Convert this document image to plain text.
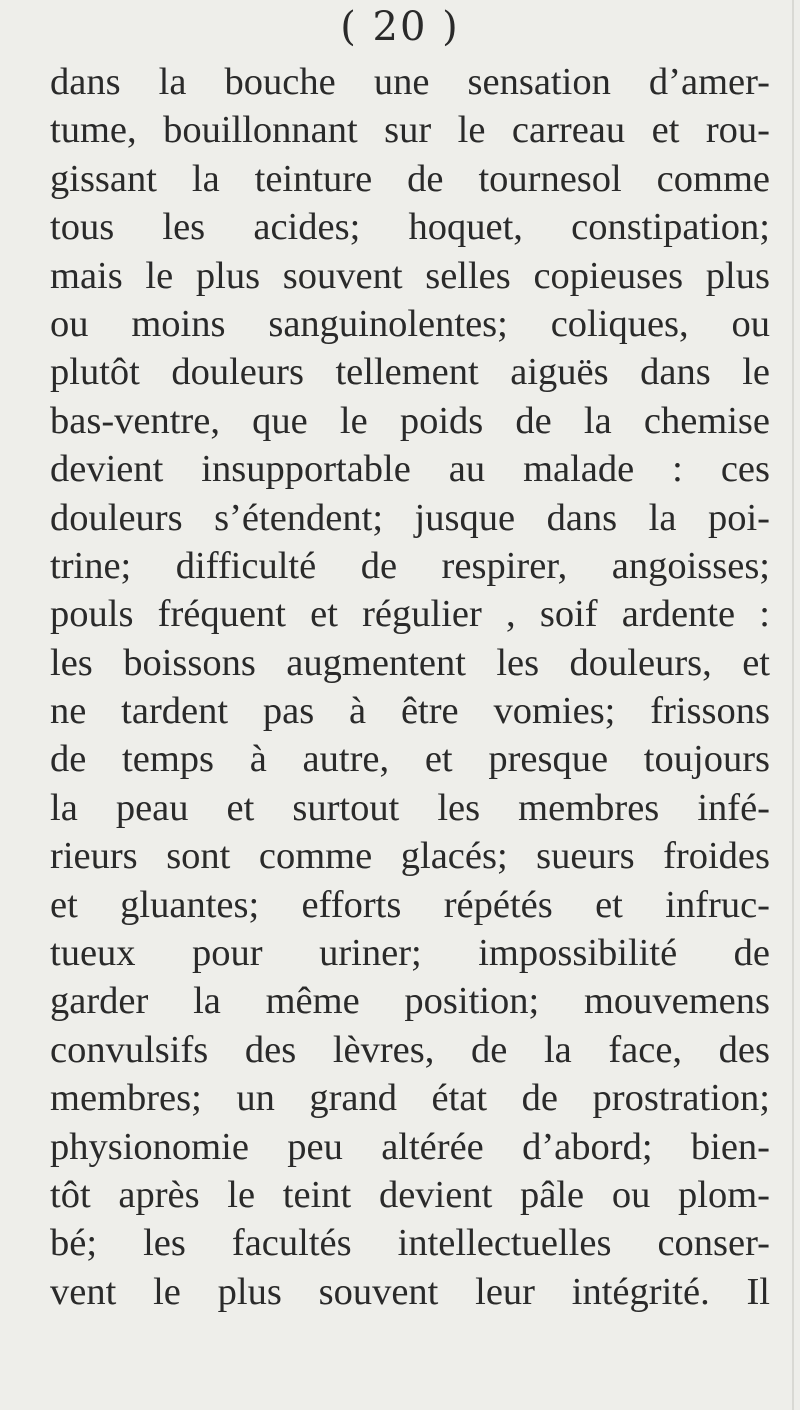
( 20 )
dans la bouche une sensation d’amer-
tume, bouillonnant sur le carreau et rou-
gissant la teinture de tournesol comme
tous les acides; hoquet, constipation;
mais le plus souvent selles copieuses plus
ou moins sanguinolentes; coliques, ou
plutôt douleurs tellement aiguës dans le
bas-ventre, que le poids de la chemise
devient insupportable au malade : ces
douleurs s’étendent; jusque dans la poi-
trine; difficulté de respirer, angoisses;
pouls fréquent et régulier , soif ardente :
les boissons augmentent les douleurs, et
ne tardent pas à être vomies; frissons
de temps à autre, et presque toujours
la peau et surtout les membres infé-
rieurs sont comme glacés; sueurs froides
et gluantes; efforts répétés et infruc-
tueux pour uriner; impossibilité de
garder la même position; mouvemens
convulsifs des lèvres, de la face, des
membres; un grand état de prostration;
physionomie peu altérée d’abord; bien-
tôt après le teint devient pâle ou plom-
bé; les facultés intellectuelles conser-
vent le plus souvent leur intégrité. Il
